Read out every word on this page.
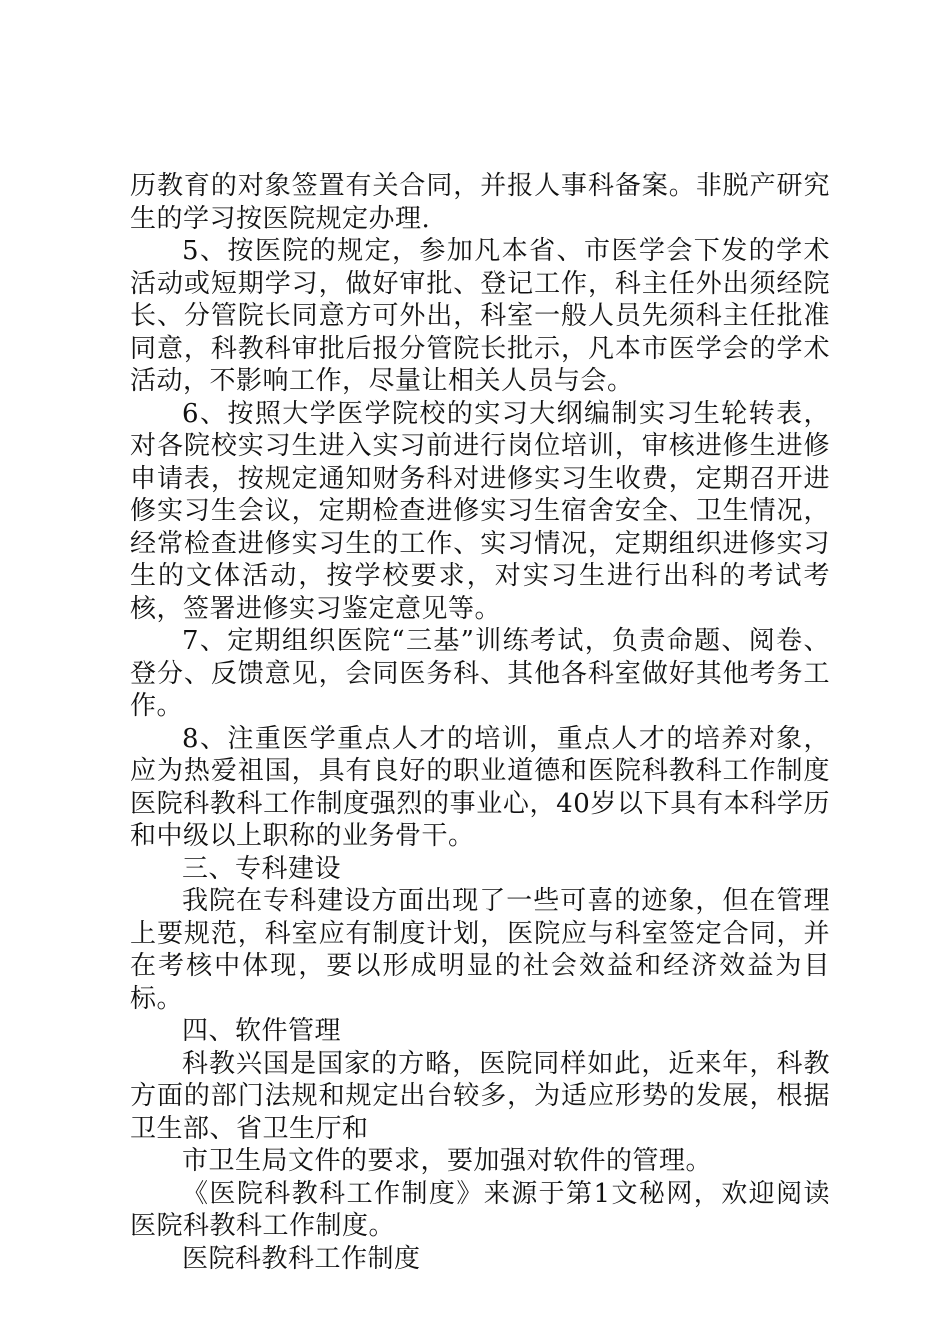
历教育的对象签置有关合同，并报人事科备案。非脱产研究生的学习按医院规定办理.

5、按医院的规定，参加凡本省、市医学会下发的学术活动或短期学习，做好审批、登记工作，科主任外出须经院长、分管院长同意方可外出，科室一般人员先须科主任批准同意，科教科审批后报分管院长批示，凡本市医学会的学术活动，不影响工作，尽量让相关人员与会。

6、按照大学医学院校的实习大纲编制实习生轮转表，对各院校实习生进入实习前进行岗位培训，审核进修生进修申请表，按规定通知财务科对进修实习生收费，定期召开进修实习生会议，定期检查进修实习生宿舍安全、卫生情况，经常检查进修实习生的工作、实习情况，定期组织进修实习生的文体活动，按学校要求，对实习生进行出科的考试考核，签署进修实习鉴定意见等。

7、定期组织医院“三基”训练考试，负责命题、阅卷、登分、反馈意见，会同医务科、其他各科室做好其他考务工作。

8、注重医学重点人才的培训，重点人才的培养对象，应为热爱祖国，具有良好的职业道德和医院科教科工作制度医院科教科工作制度强烈的事业心，40岁以下具有本科学历和中级以上职称的业务骨干。

三、专科建设

我院在专科建设方面出现了一些可喜的迹象，但在管理上要规范，科室应有制度计划，医院应与科室签定合同，并在考核中体现，要以形成明显的社会效益和经济效益为目标。

四、软件管理

科教兴国是国家的方略，医院同样如此，近来年，科教方面的部门法规和规定出台较多，为适应形势的发展，根据卫生部、省卫生厅和

市卫生局文件的要求，要加强对软件的管理。

《医院科教科工作制度》来源于第1文秘网，欢迎阅读医院科教科工作制度。

医院科教科工作制度
